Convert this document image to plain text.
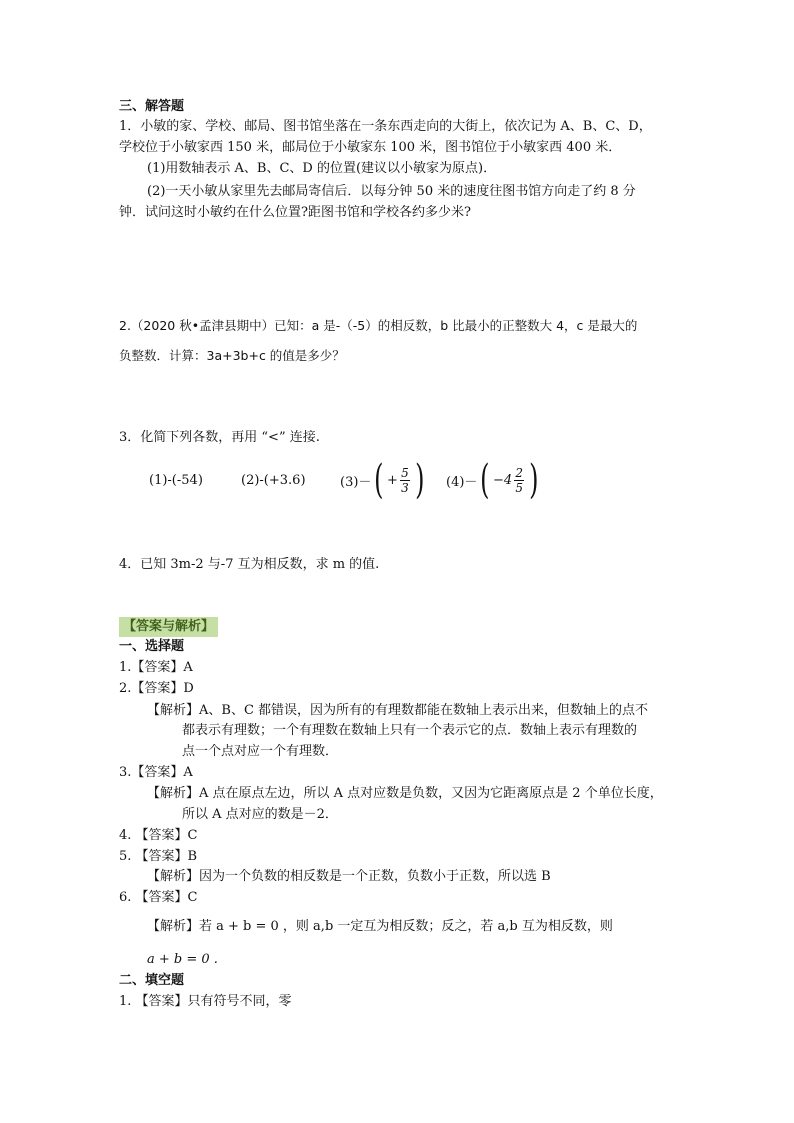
三、解答题
1．小敏的家、学校、邮局、图书馆坐落在一条东西走向的大街上，依次记为 A、B、C、D，
学校位于小敏家西 150 米，邮局位于小敏家东 100 米，图书馆位于小敏家西 400 米．
(1)用数轴表示 A、B、C、D 的位置(建议以小敏家为原点)．
(2)一天小敏从家里先去邮局寄信后．以每分钟 50 米的速度往图书馆方向走了约 8 分
钟．试问这时小敏约在什么位置?距图书馆和学校各约多少米?
2.（2020 秋•孟津县期中）已知：a 是-（-5）的相反数，b 比最小的正整数大 4，c 是最大的
负整数．计算：3a+3b+c 的值是多少？
3．化简下列各数，再用 “<” 连接.
(1)-(-54)	(2)-(+3.6)	(3)－ ( + $\frac{5}{3}$ ) (4)－ ( $-4 \frac{2}{5}$ )
4．已知 3m-2 与-7 互为相反数，求 m 的值.
【答案与解析】
一、选择题
1.【答案】A
2.【答案】D
【解析】A、B、C 都错误，因为所有的有理数都能在数轴上表示出来，但数轴上的点不
都表示有理数；一个有理数在数轴上只有一个表示它的点．数轴上表示有理数的
点一个点对应一个有理数．
3.【答案】A
【解析】A 点在原点左边，所以 A 点对应数是负数，又因为它距离原点是 2 个单位长度，
所以 A 点对应的数是－2．
4. 【答案】C
5. 【答案】B
【解析】因为一个负数的相反数是一个正数，负数小于正数，所以选 B
6. 【答案】C
【解析】若 a + b = 0 ，则 a,b 一定互为相反数；反之，若 a,b 互为相反数，则
a + b = 0 .
二、填空题
1. 【答案】只有符号不同，零
